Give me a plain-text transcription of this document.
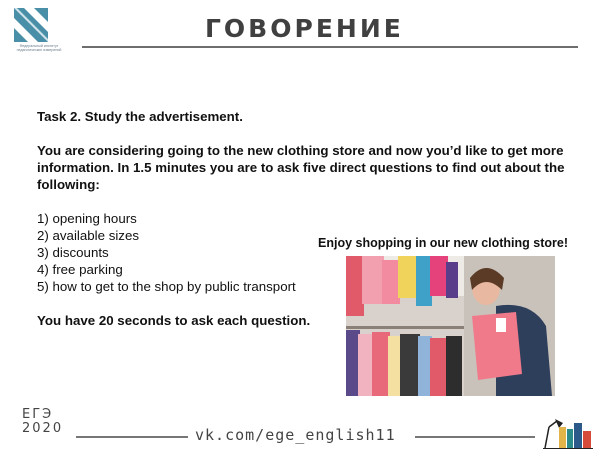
Федеральный институт педагогических измерений
ГОВОРЕНИЕ

Task 2. Study the advertisement.

You are considering going to the new clothing store and now you’d like to get more information. In 1.5 minutes you are to ask five direct questions to find out about the following:

1) opening hours
2) available sizes
3) discounts
4) free parking
5) how to get to the shop by public transport

You have 20 seconds to ask each question.

Enjoy shopping in our new clothing store!
ЕГЭ
2020	vk.com/ege_english11
